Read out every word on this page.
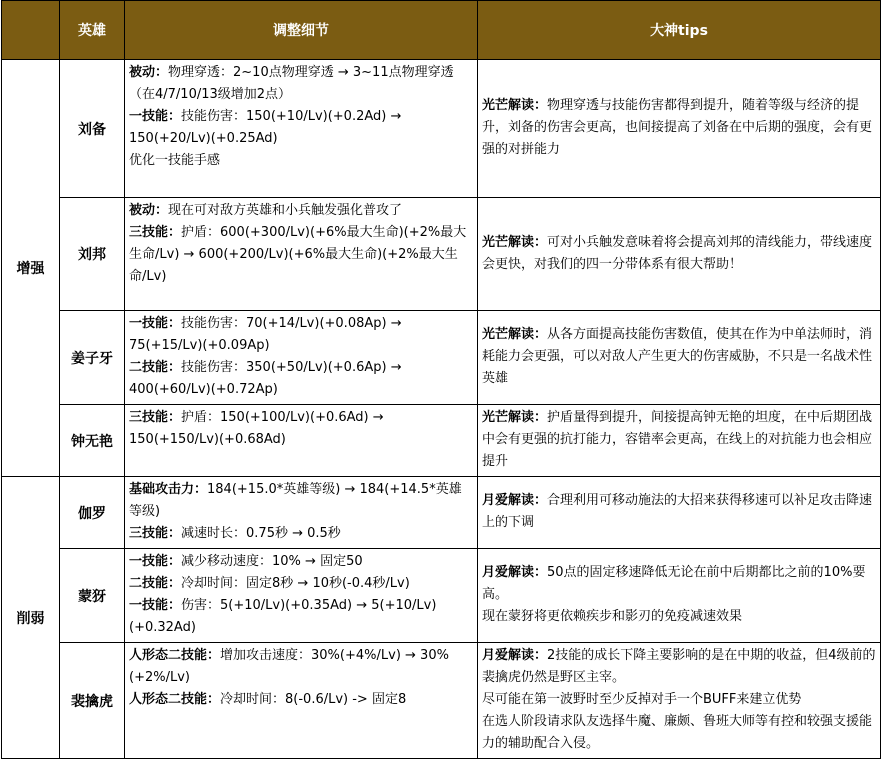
	英雄	调整细节	大神tips
增强	刘备	被动：物理穿透：2~10点物理穿透 → 3~11点物理穿透（在4/7/10/13级增加2点）
一技能：技能伤害：150(+10/Lv)(+0.2Ad) → 150(+20/Lv)(+0.25Ad)
优化一技能手感	光芒解读：物理穿透与技能伤害都得到提升，随着等级与经济的提升，刘备的伤害会更高，也间接提高了刘备在中后期的强度，会有更强的对拼能力

	刘邦	被动：现在可对敌方英雄和小兵触发强化普攻了
三技能：护盾：600(+300/Lv)(+6%最大生命)(+2%最大生命/Lv) → 600(+200/Lv)(+6%最大生命)(+2%最大生命/Lv)	光芒解读：可对小兵触发意味着将会提高刘邦的清线能力，带线速度会更快，对我们的四一分带体系有很大帮助！

	姜子牙	一技能：技能伤害：70(+14/Lv)(+0.08Ap) → 75(+15/Lv)(+0.09Ap)
二技能：技能伤害：350(+50/Lv)(+0.6Ap) → 400(+60/Lv)(+0.72Ap)	光芒解读：从各方面提高技能伤害数值，使其在作为中单法师时，消耗能力会更强，可以对敌人产生更大的伤害威胁，不只是一名战术性英雄

	钟无艳	三技能：护盾：150(+100/Lv)(+0.6Ad) → 150(+150/Lv)(+0.68Ad)	光芒解读：护盾量得到提升，间接提高钟无艳的坦度，在中后期团战中会有更强的抗打能力，容错率会更高，在线上的对抗能力也会相应提升

削弱	伽罗	基础攻击力：184(+15.0*英雄等级) → 184(+14.5*英雄等级)
三技能：减速时长：0.75秒 → 0.5秒	月爱解读：合理利用可移动施法的大招来获得移速可以补足攻击降速上的下调

	蒙犽	一技能：减少移动速度：10% → 固定50
二技能：冷却时间：固定8秒 → 10秒(-0.4秒/Lv)
一技能：伤害：5(+10/Lv)(+0.35Ad) → 5(+10/Lv)(+0.32Ad)	月爱解读：50点的固定移速降低无论在前中后期都比之前的10%要高。
现在蒙犽将更依赖疾步和影刃的免疫减速效果

	裴擒虎	人形态二技能：增加攻击速度：30%(+4%/Lv) → 30%(+2%/Lv)
人形态二技能：冷却时间：8(-0.6/Lv) -> 固定8	月爱解读：2技能的成长下降主要影响的是在中期的收益，但4级前的裴擒虎仍然是野区主宰。
尽可能在第一波野时至少反掉对手一个BUFF来建立优势
在选人阶段请求队友选择牛魔、廉颇、鲁班大师等有控和较强支援能力的辅助配合入侵。
